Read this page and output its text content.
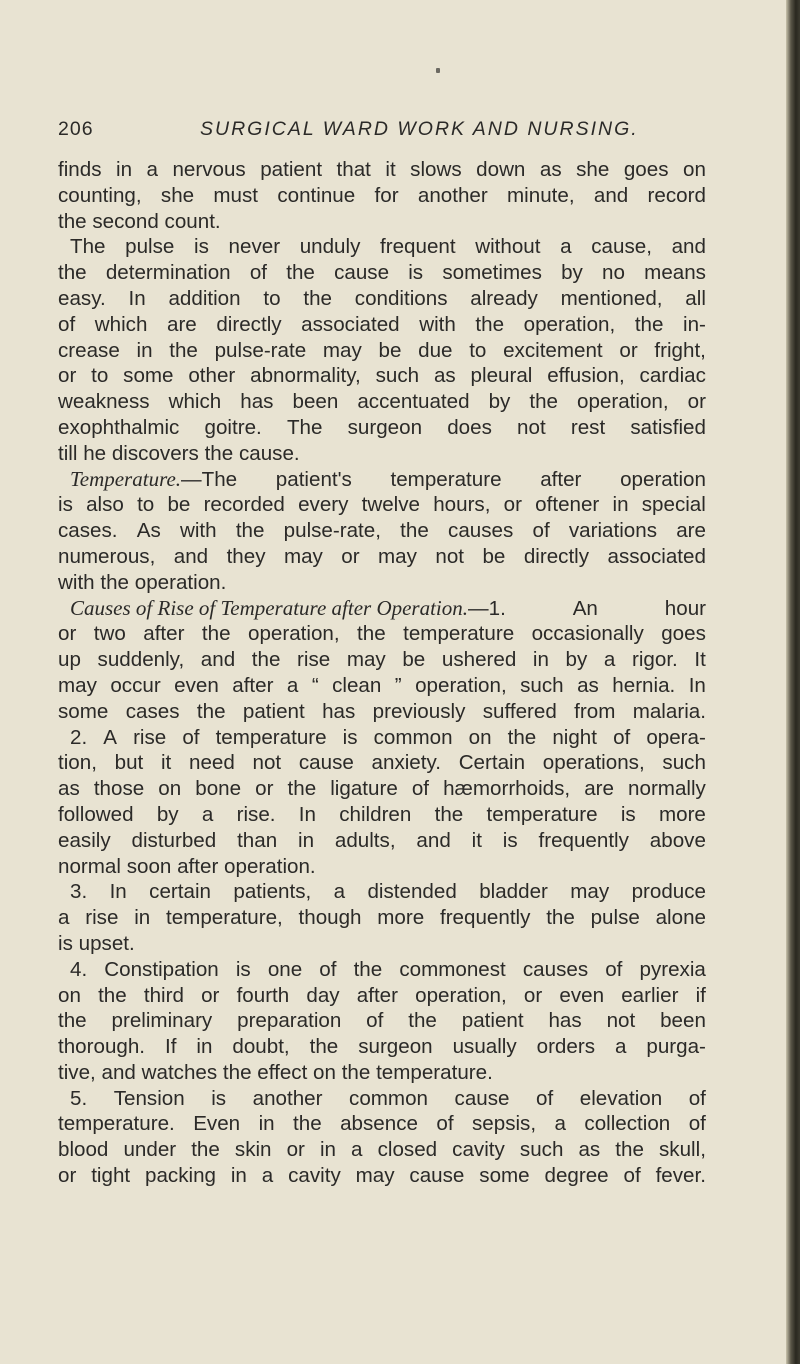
206	SURGICAL WARD WORK AND NURSING.
finds in a nervous patient that it slows down as she goes on
counting, she must continue for another minute, and record
the second count.
The pulse is never unduly frequent without a cause, and
the determination of the cause is sometimes by no means
easy. In addition to the conditions already mentioned, all
of which are directly associated with the operation, the in-
crease in the pulse-rate may be due to excitement or fright,
or to some other abnormality, such as pleural effusion, cardiac
weakness which has been accentuated by the operation, or
exophthalmic goitre. The surgeon does not rest satisfied
till he discovers the cause.
Temperature.—The patient's temperature after operation
is also to be recorded every twelve hours, or oftener in special
cases. As with the pulse-rate, the causes of variations are
numerous, and they may or may not be directly associated
with the operation.
Causes of Rise of Temperature after Operation.—1.	An	hour
or two after the operation, the temperature occasionally goes
up suddenly, and the rise may be ushered in by a rigor. It
may occur even after a “ clean ” operation, such as hernia. In
some cases the patient has previously suffered from malaria.
2. A rise of temperature is common on the night of opera-
tion, but it need not cause anxiety. Certain operations, such
as those on bone or the ligature of hæmorrhoids, are normally
followed by a rise. In children the temperature is more
easily disturbed than in adults, and it is frequently above
normal soon after operation.
3. In certain patients, a distended bladder may produce
a rise in temperature, though more frequently the pulse alone
is upset.
4. Constipation is one of the commonest causes of pyrexia
on the third or fourth day after operation, or even earlier if
the preliminary preparation of the patient has not been
thorough. If in doubt, the surgeon usually orders a purga-
tive, and watches the effect on the temperature.
5. Tension is another common cause of elevation of
temperature. Even in the absence of sepsis, a collection of
blood under the skin or in a closed cavity such as the skull,
or tight packing in a cavity may cause some degree of fever.
